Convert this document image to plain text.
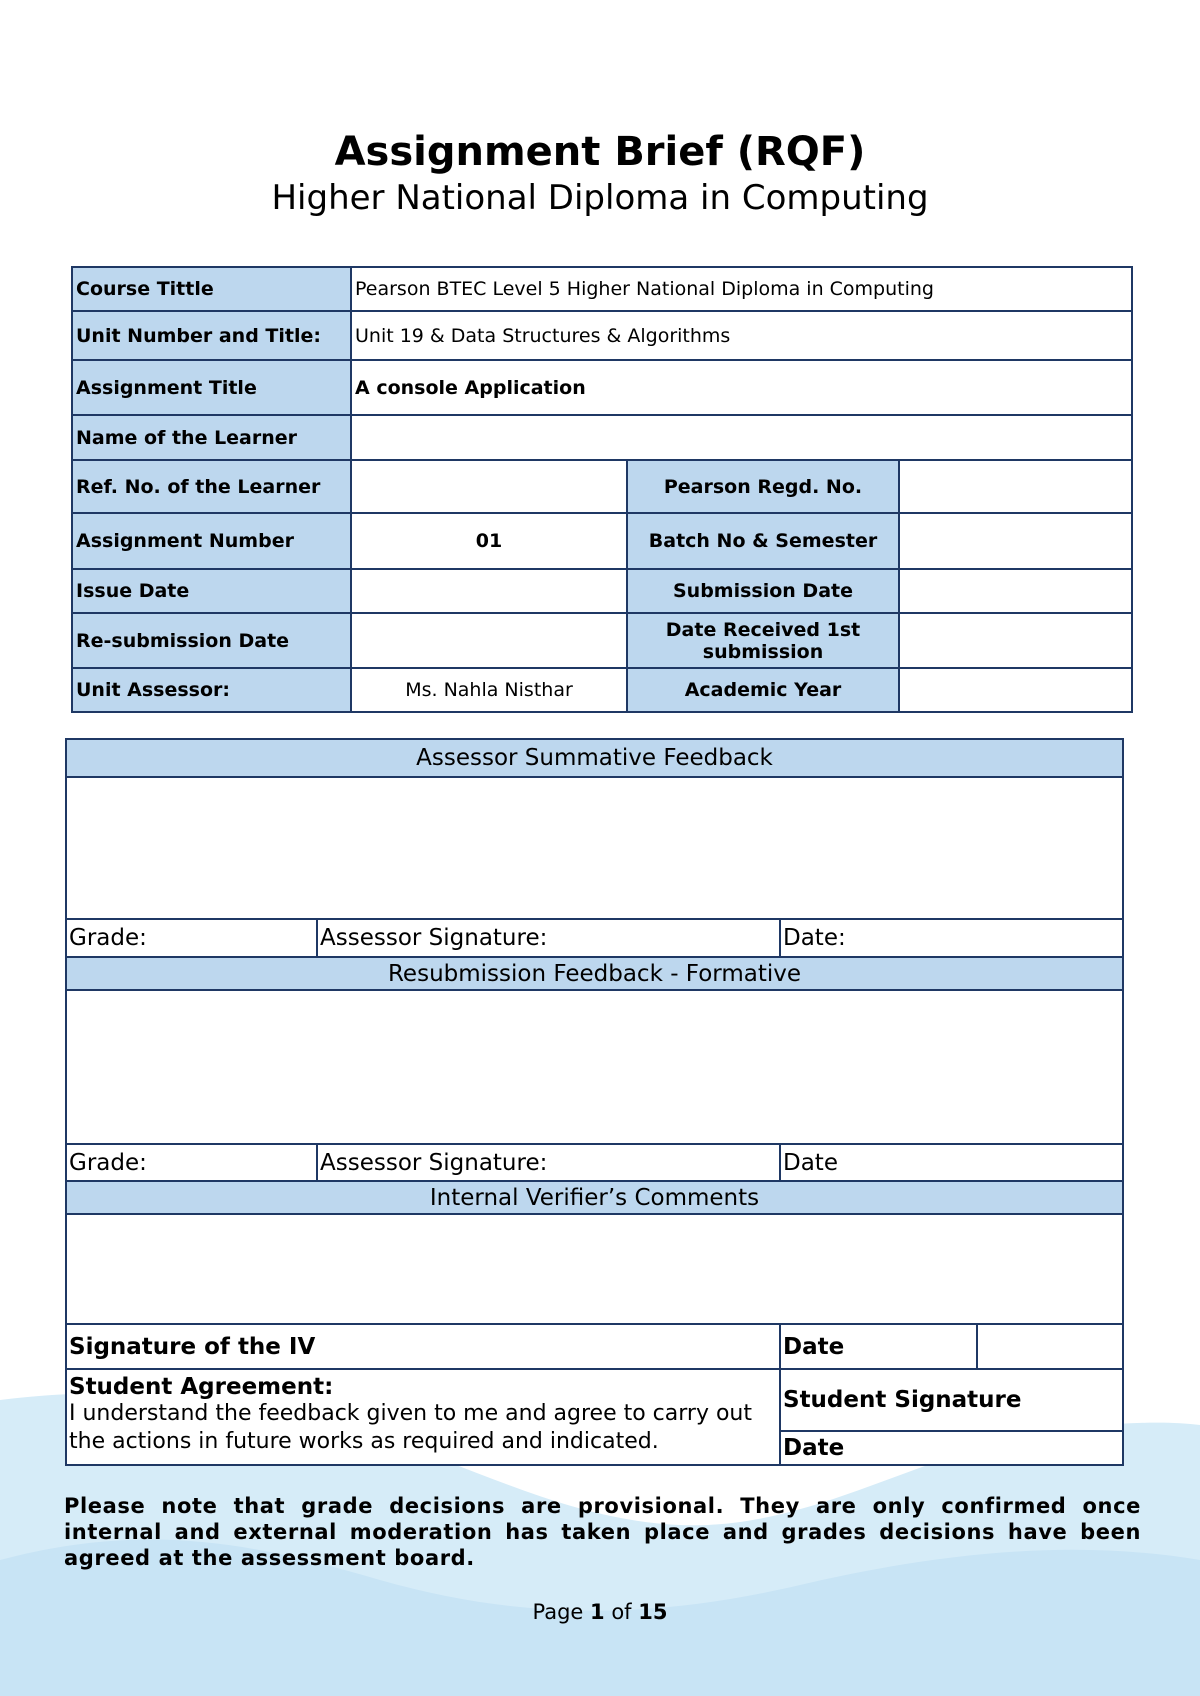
Assignment Brief (RQF)
Higher National Diploma in Computing
Course Tittle	Pearson BTEC Level 5 Higher National Diploma in Computing		
Unit Number and Title:	Unit 19 & Data Structures & Algorithms		
Assignment Title	A console Application		
Name of the Learner			
Ref. No. of the Learner		Pearson Regd. No.	
Assignment Number	01	Batch No & Semester	
Issue Date		Submission Date	
Re-submission Date		Date Received 1st submission	
Unit Assessor:	Ms. Nahla Nisthar	Academic Year	
Assessor Summative Feedback			

Grade:	Assessor Signature:	Date:	
Resubmission Feedback - Formative			

Grade:	Assessor Signature:	Date	
Internal Verifier’s Comments			

Signature of the IV		Date	

Student Agreement:
I understand the feedback given to me and agree to carry out the actions in future works as required and indicated.		Student Signature	
		Date	
Please note that grade decisions are provisional. They are only confirmed once internal and external moderation has taken place and grades decisions have been agreed at the assessment board.
Page 1 of 15
